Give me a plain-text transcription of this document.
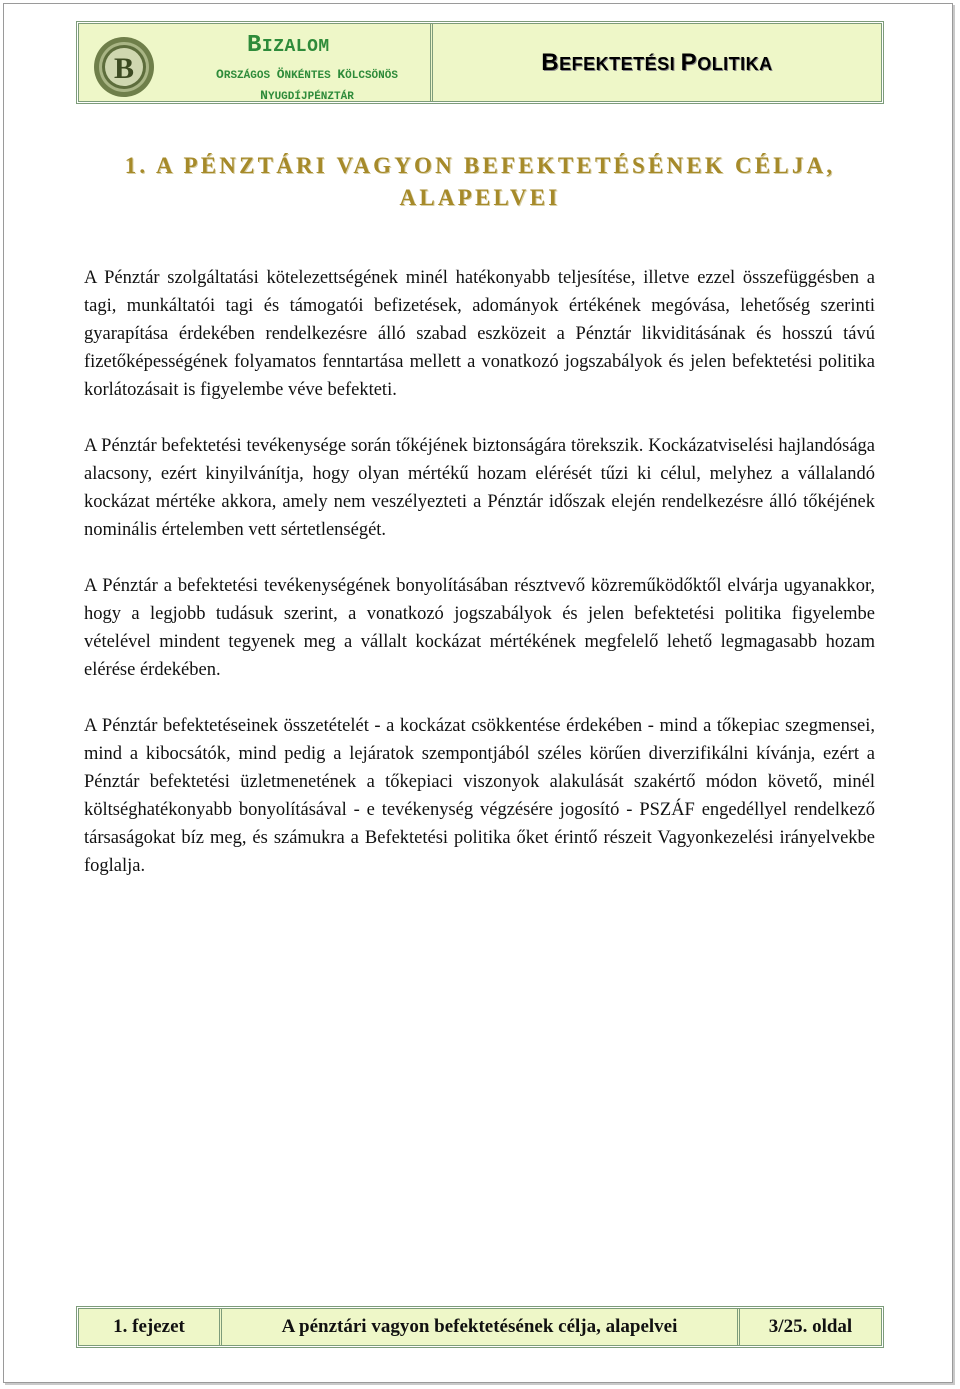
B
BIZALOM
ORSZÁGOS ÖNKÉNTES KÖLCSÖNÖS
NYUGDÍJPÉNZTÁR
BEFEKTETÉSI POLITIKA
1. A PÉNZTÁRI VAGYON BEFEKTETÉSÉNEK CÉLJA,
ALAPELVEI

A Pénztár szolgáltatási kötelezettségének minél hatékonyabb teljesítése, illetve ezzel összefüggésben a tagi, munkáltatói tagi és támogatói befizetések, adományok értékének megóvása, lehetőség szerinti gyarapítása érdekében rendelkezésre álló szabad eszközeit a Pénztár likviditásának és hosszú távú fizetőképességének folyamatos fenntartása mellett a vonatkozó jogszabályok és jelen befektetési politika korlátozásait is figyelembe véve befekteti.

A Pénztár befektetési tevékenysége során tőkéjének biztonságára törekszik. Kockázatviselési hajlandósága alacsony, ezért kinyilvánítja, hogy olyan mértékű hozam elérését tűzi ki célul, melyhez a vállalandó kockázat mértéke akkora, amely nem veszélyezteti a Pénztár időszak elején rendelkezésre álló tőkéjének nominális értelemben vett sértetlenségét.

A Pénztár a befektetési tevékenységének bonyolításában résztvevő közreműködőktől elvárja ugyanakkor, hogy a legjobb tudásuk szerint, a vonatkozó jogszabályok és jelen befektetési politika figyelembe vételével mindent tegyenek meg a vállalt kockázat mértékének megfelelő lehető legmagasabb hozam elérése érdekében.

A Pénztár befektetéseinek összetételét - a kockázat csökkentése érdekében - mind a tőkepiac szegmensei, mind a kibocsátók, mind pedig a lejáratok szempontjából széles körűen diverzifikálni kívánja, ezért a Pénztár befektetési üzletmenetének a tőkepiaci viszonyok alakulását szakértő módon követő, minél költséghatékonyabb bonyolításával - e tevékenység végzésére jogosító - PSZÁF engedéllyel rendelkező társaságokat bíz meg, és számukra a Befektetési politika őket érintő részeit Vagyonkezelési irányelvekbe foglalja.

1. fejezet	A pénztári vagyon befektetésének célja, alapelvei	3/25. oldal
